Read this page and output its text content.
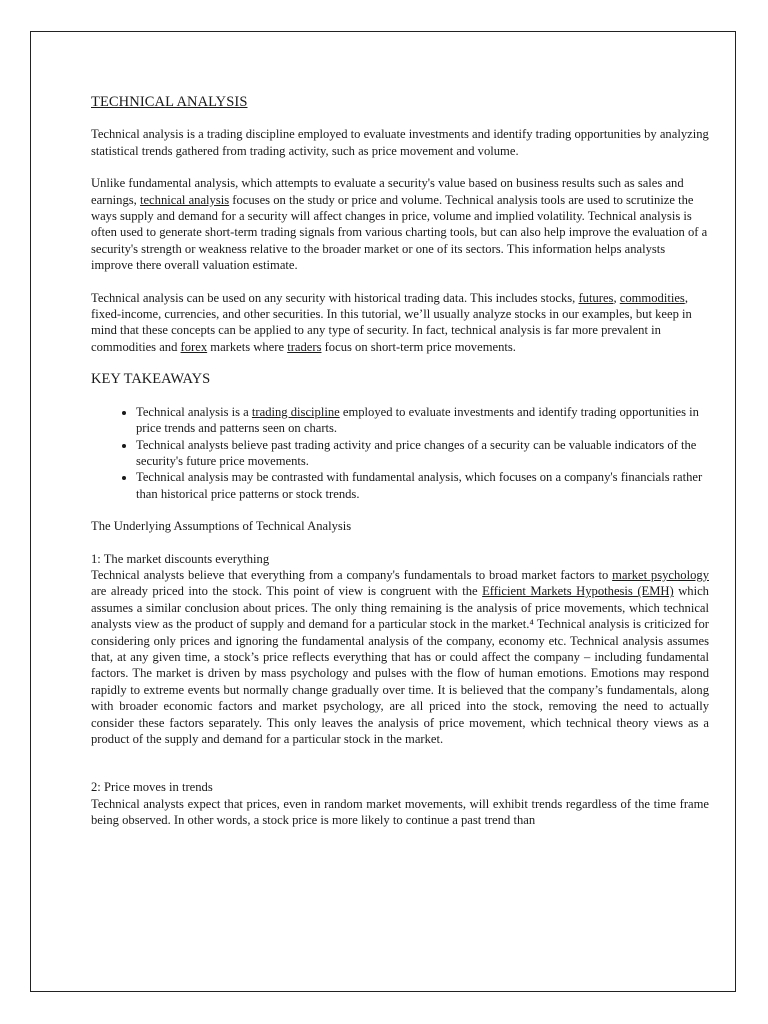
TECHNICAL ANALYSIS

Technical analysis is a trading discipline employed to evaluate investments and identify trading opportunities by analyzing statistical trends gathered from trading activity, such as price movement and volume.

Unlike fundamental analysis, which attempts to evaluate a security's value based on business results such as sales and earnings, technical analysis focuses on the study or price and volume. Technical analysis tools are used to scrutinize the ways supply and demand for a security will affect changes in price, volume and implied volatility. Technical analysis is often used to generate short-term trading signals from various charting tools, but can also help improve the evaluation of a security's strength or weakness relative to the broader market or one of its sectors. This information helps analysts improve there overall valuation estimate.

Technical analysis can be used on any security with historical trading data. This includes stocks, futures, commodities, fixed-income, currencies, and other securities. In this tutorial, we’ll usually analyze stocks in our examples, but keep in mind that these concepts can be applied to any type of security. In fact, technical analysis is far more prevalent in commodities and forex markets where traders focus on short-term price movements.

KEY TAKEAWAYS
• Technical analysis is a trading discipline employed to evaluate investments and identify trading opportunities in price trends and patterns seen on charts.
• Technical analysts believe past trading activity and price changes of a security can be valuable indicators of the security's future price movements.
• Technical analysis may be contrasted with fundamental analysis, which focuses on a company's financials rather than historical price patterns or stock trends.

The Underlying Assumptions of Technical Analysis

1: The market discounts everything

Technical analysts believe that everything from a company's fundamentals to broad market factors to market psychology are already priced into the stock. This point of view is congruent with the Efficient Markets Hypothesis (EMH) which assumes a similar conclusion about prices. The only thing remaining is the analysis of price movements, which technical analysts view as the product of supply and demand for a particular stock in the market.⁴ Technical analysis is criticized for considering only prices and ignoring the fundamental analysis of the company, economy etc. Technical analysis assumes that, at any given time, a stock’s price reflects everything that has or could affect the company – including fundamental factors. The market is driven by mass psychology and pulses with the flow of human emotions. Emotions may respond rapidly to extreme events but normally change gradually over time. It is believed that the company’s fundamentals, along with broader economic factors and market psychology, are all priced into the stock, removing the need to actually consider these factors separately. This only leaves the analysis of price movement, which technical theory views as a product of the supply and demand for a particular stock in the market.

2: Price moves in trends

Technical analysts expect that prices, even in random market movements, will exhibit trends regardless of the time frame being observed. In other words, a stock price is more likely to continue a past trend than
